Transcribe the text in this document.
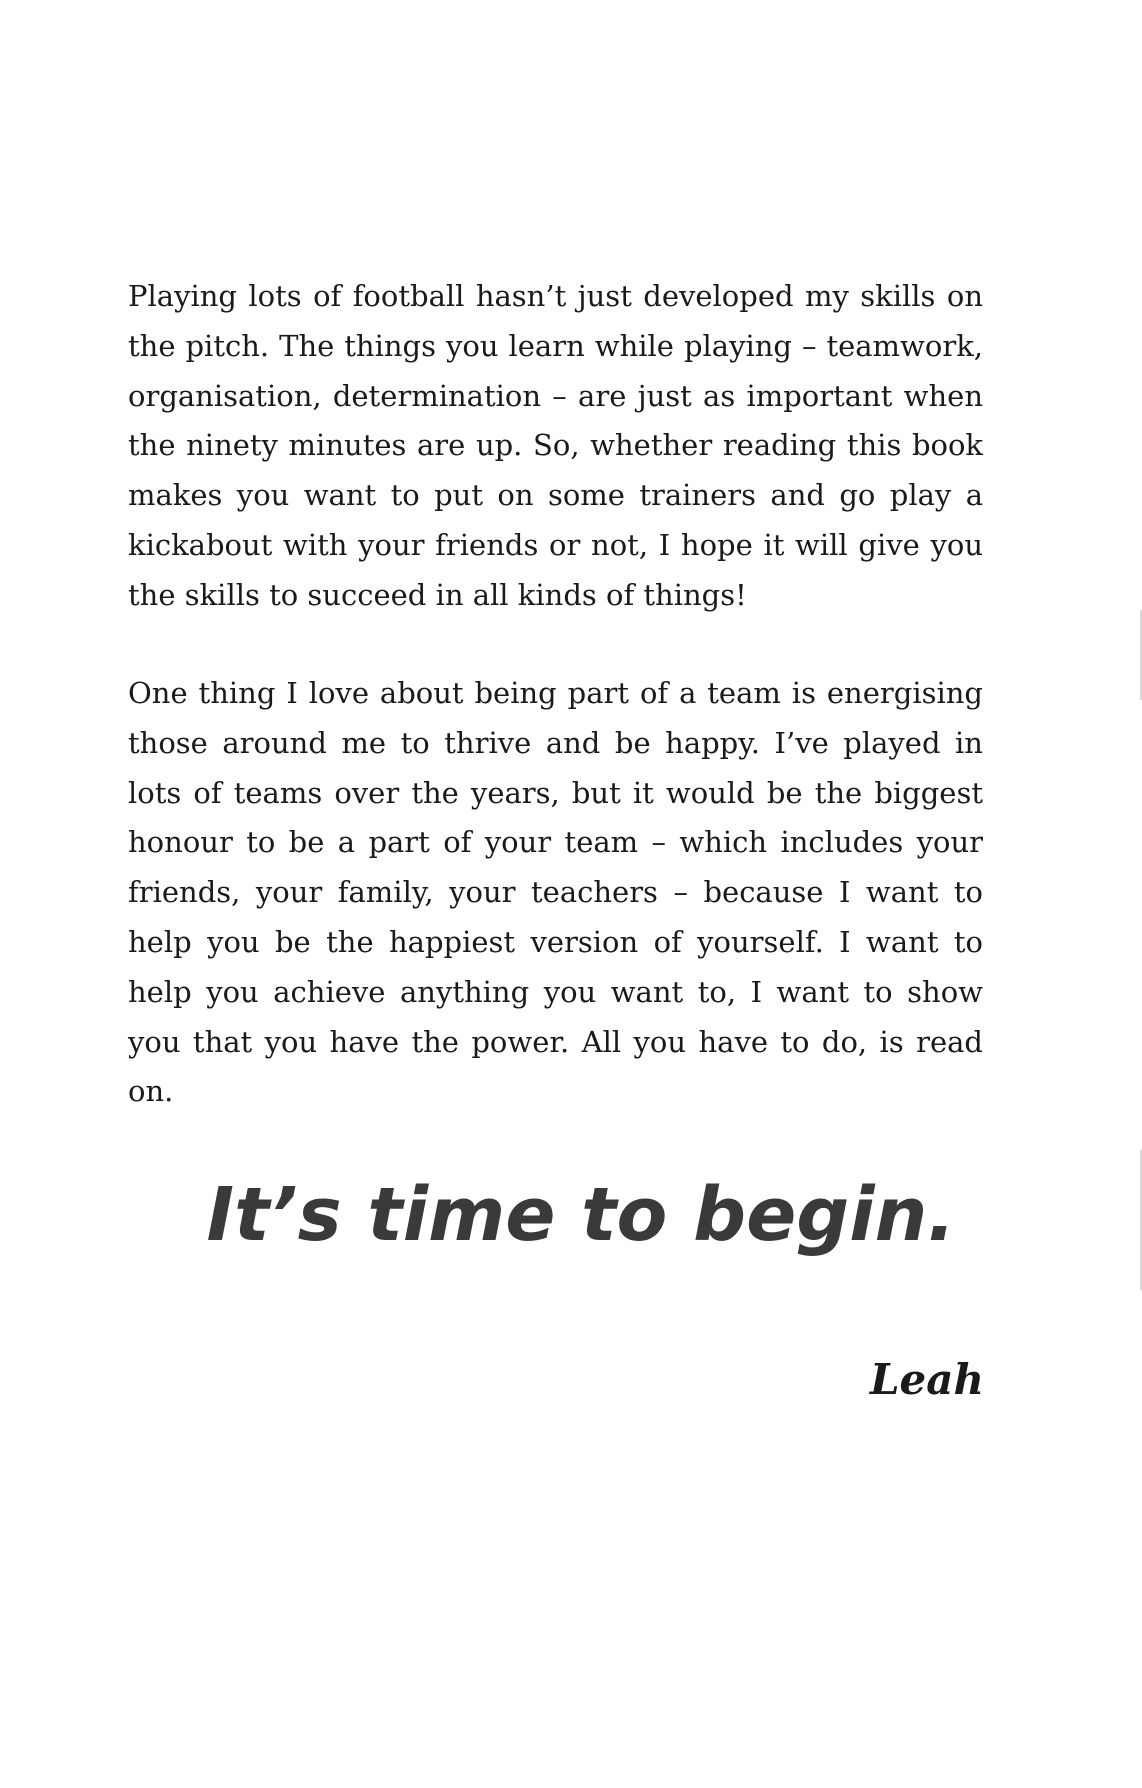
Playing lots of football hasn’t just developed my skills on the pitch. The things you learn while playing – teamwork, organisation, determination – are just as important when the ninety minutes are up. So, whether reading this book makes you want to put on some trainers and go play a kickabout with your friends or not, I hope it will give you the skills to succeed in all kinds of things!

One thing I love about being part of a team is energising those around me to thrive and be happy. I’ve played in lots of teams over the years, but it would be the biggest honour to be a part of your team – which includes your friends, your family, your teachers – because I want to help you be the happiest version of yourself. I want to help you achieve anything you want to, I want to show you that you have the power. All you have to do, is read on.

It’s time to begin.

Leah
